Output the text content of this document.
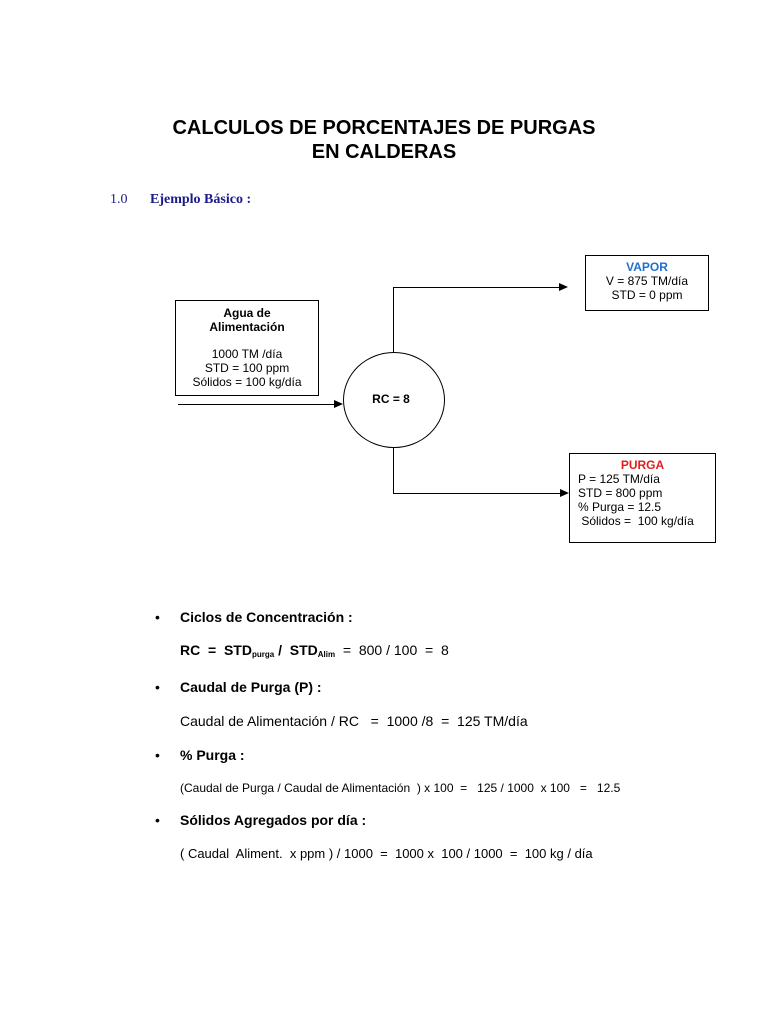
CALCULOS DE PORCENTAJES DE PURGAS
EN CALDERAS
1.0 Ejemplo Básico :
Agua de
Alimentación
1000 TM /día
STD = 100 ppm
Sólidos = 100 kg/día
RC = 8
VAPOR
V = 875 TM/día
STD = 0 ppm
PURGA
P = 125 TM/día
STD = 800 ppm
% Purga = 12.5
Sólidos =  100 kg/día
• Ciclos de Concentración :
RC  =  $STD_{purga} / STD_{Alim} = 800 / 100 = 8$
• Caudal de Purga (P) :
Caudal de Alimentación / RC   =  1000 /8  =  125 TM/día
• % Purga :
(Caudal de Purga / Caudal de Alimentación  ) x 100  =   125 / 1000  x 100   =   12.5
• Sólidos Agregados por día :
( Caudal  Aliment.  x ppm ) / 1000  =  1000 x  100 / 1000  =  100 kg / día
